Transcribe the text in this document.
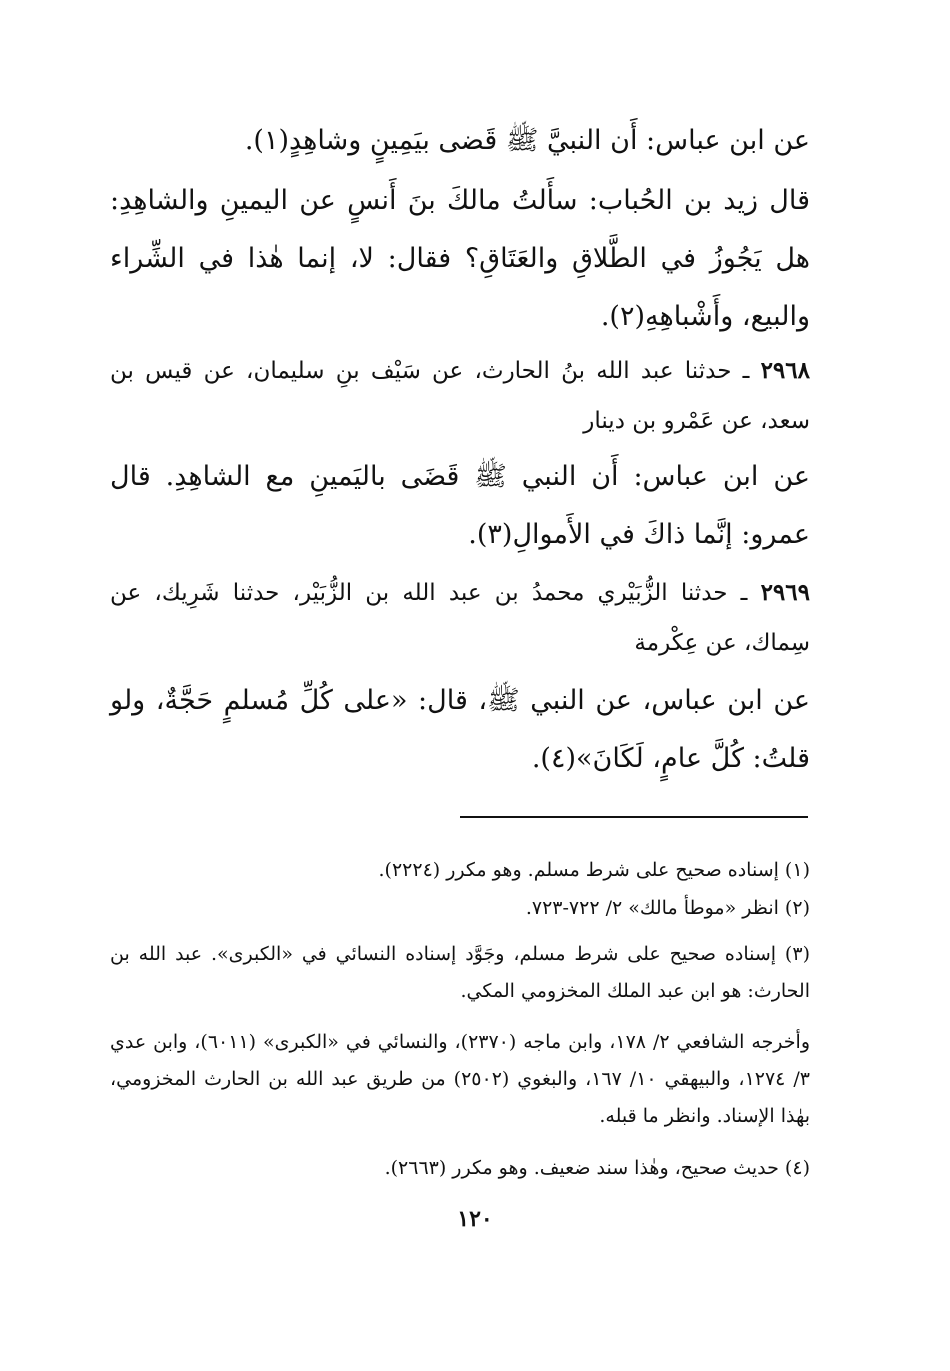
عن ابن عباس: أَن النبيَّ ﷺ قَضى بيَمِينٍ وشاهِدٍ(١).
قال زيد بن الحُباب: سأَلتُ مالكَ بنَ أَنسٍ عن اليمينِ والشاهِدِ: هل يَجُوزُ في الطَّلاقِ والعَتَاقِ؟ فقال: لا، إنما هٰذا في الشِّراء والبيع، وأَشْباهِهِ(٢).
٢٩٦٨ ـ حدثنا عبد الله بنُ الحارث، عن سَيْف بنِ سليمان، عن قيس بن سعد، عن عَمْرو بن دينار
عن ابن عباس: أَن النبي ﷺ قَضَى باليَمينِ مع الشاهِدِ. قال عمرو: إنَّما ذاكَ في الأَموالِ(٣).
٢٩٦٩ ـ حدثنا الزُّبَيْري محمدُ بن عبد الله بن الزُّبَيْر، حدثنا شَرِيك، عن سِماك، عن عِكْرمة
عن ابن عباس، عن النبي ﷺ، قال: «على كُلِّ مُسلمٍ حَجَّةٌ، ولو قلتُ: كُلَّ عامٍ، لَكَانَ»(٤).
(١) إسناده صحيح على شرط مسلم. وهو مكرر (٢٢٢٤).
(٢) انظر «موطأ مالك» ٢/ ٧٢٢-٧٢٣.
(٣) إسناده صحيح على شرط مسلم، وجَوَّد إسناده النسائي في «الكبرى». عبد الله بن الحارث: هو ابن عبد الملك المخزومي المكي.
وأخرجه الشافعي ٢/ ١٧٨، وابن ماجه (٢٣٧٠)، والنسائي في «الكبرى» (٦٠١١)، وابن عدي ٣/ ١٢٧٤، والبيهقي ١٠/ ١٦٧، والبغوي (٢٥٠٢) من طريق عبد الله بن الحارث المخزومي، بهٰذا الإسناد. وانظر ما قبله.
(٤) حديث صحيح، وهٰذا سند ضعيف. وهو مكرر (٢٦٦٣).
١٢٠
